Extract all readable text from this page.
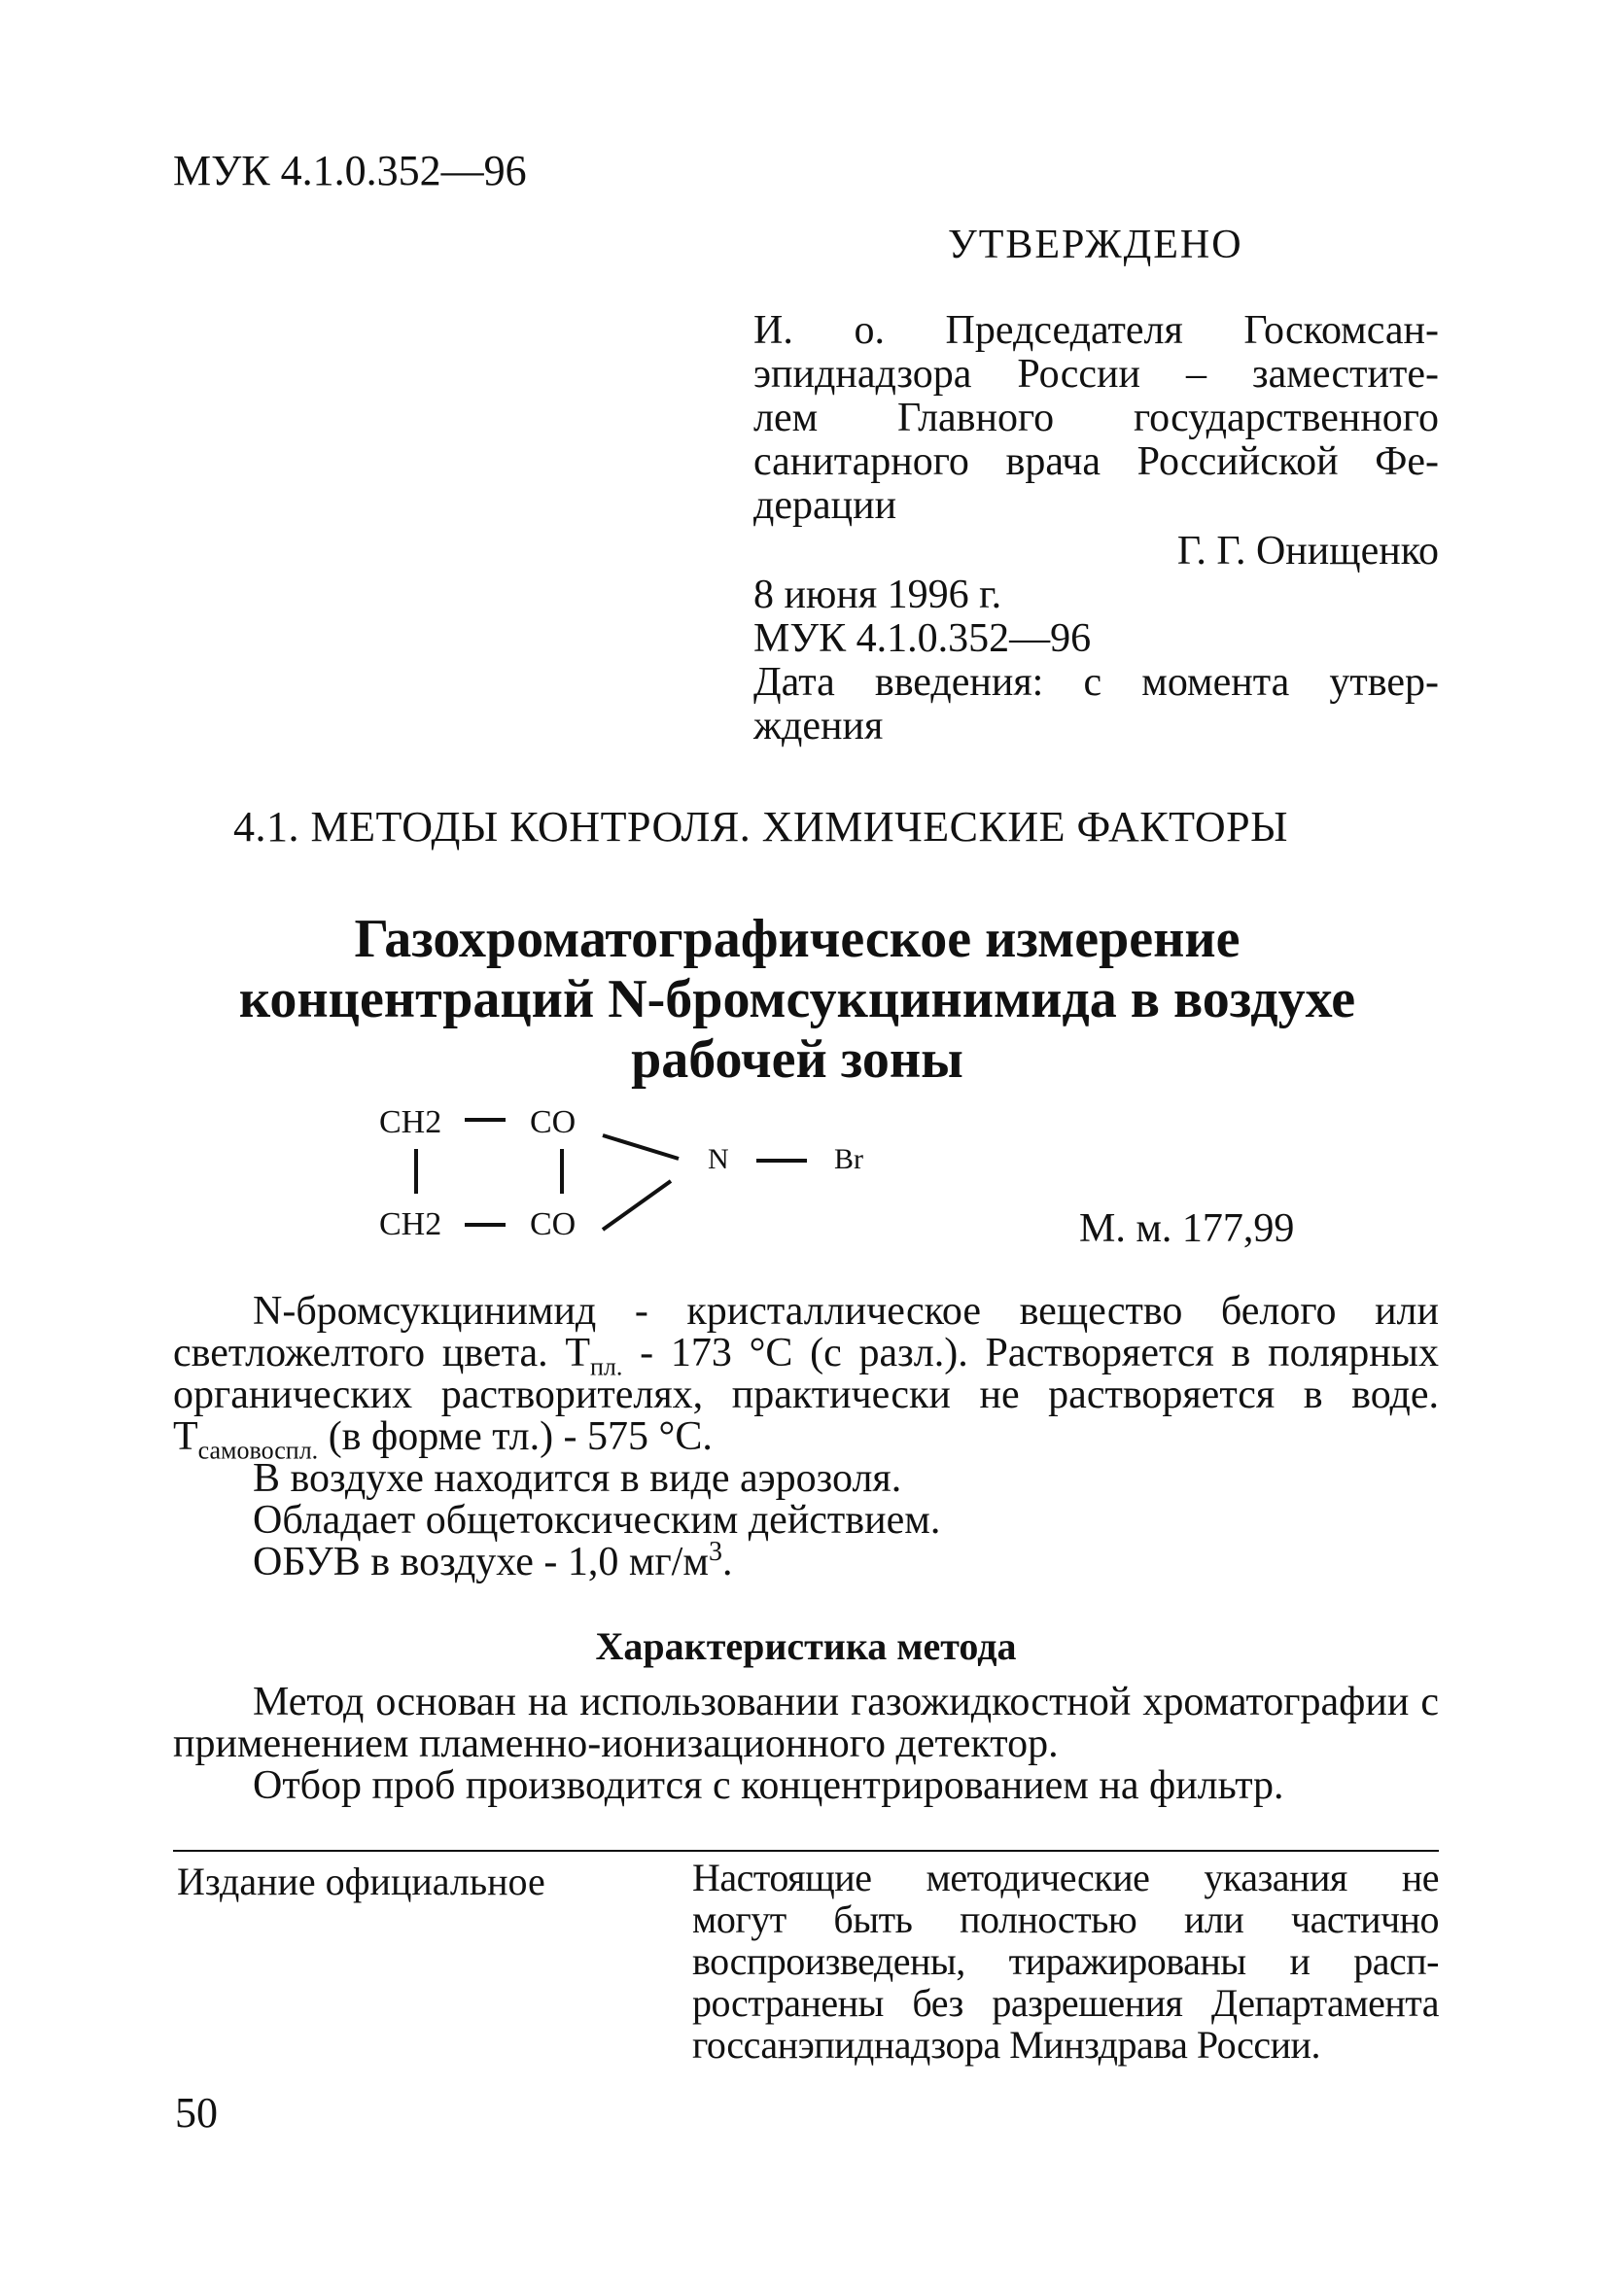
МУК 4.1.0.352—96
УТВЕРЖДЕНО
И. о. Председателя Госкомсан-
эпиднадзора России – заместите-
лем Главного государственного
санитарного врача Российской Фе-
дерации
Г. Г. Онищенко
8 июня 1996 г.
МУК 4.1.0.352—96
Дата введения: с момента утвер-
ждения
4.1. МЕТОДЫ КОНТРОЛЯ. ХИМИЧЕСКИЕ ФАКТОРЫ
Газохроматографическое измерение
концентраций N-бромсукцинимида в воздухе
рабочей зоны
CH2	CO
CH2	CO
N	Br
М. м. 177,99

N-бромсукцинимид - кристаллическое вещество белого или светложелтого цвета. $T_{пл.} - 173$ °С (с разл.). Растворяется в полярных органических растворителях, практически не растворяется в воде. $T_{самовоспл.}$ (в форме тл.) - 575 °С.

В воздухе находится в виде аэрозоля.

Обладает общетоксическим действием.

ОБУВ в воздухе - 1,0 $мг/м^3$.

Характеристика метода

Метод основан на использовании газожидкостной хроматографии с применением пламенно-ионизационного детектор.

Отбор проб производится с концентрированием на фильтр.

Издание официальное	Настоящие методические указания не
могут быть полностью или частично
воспроизведены, тиражированы и расп-
ространены без разрешения Департамента
госсанэпиднадзора Минздрава России.
50
